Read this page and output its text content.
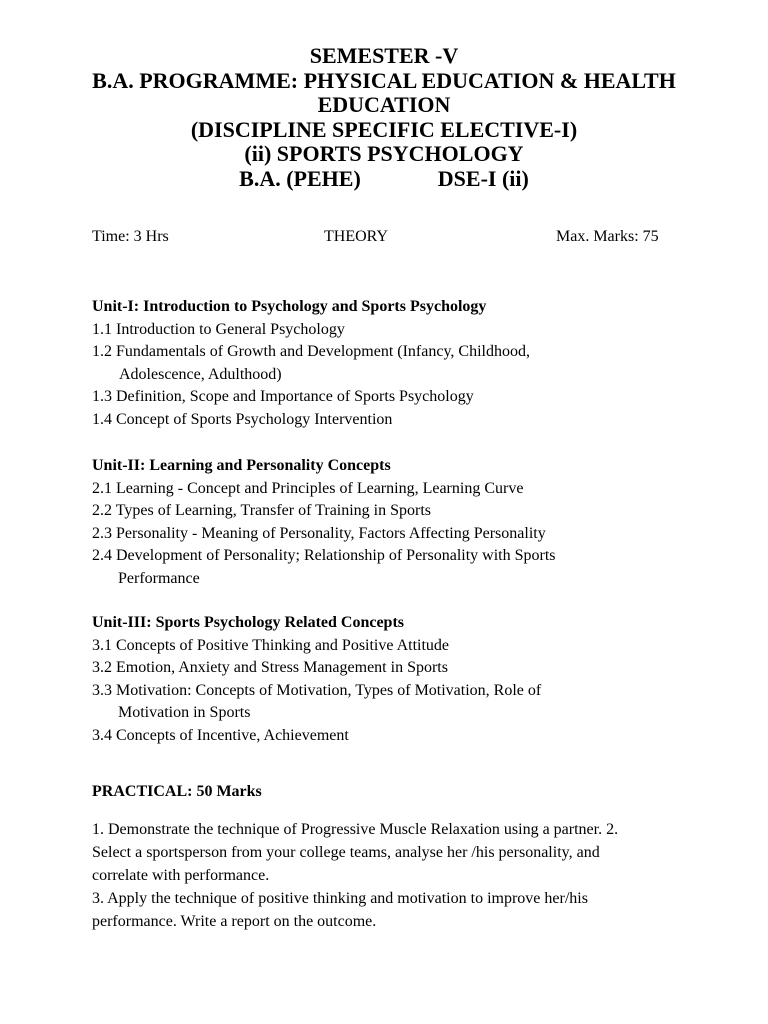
SEMESTER -V
B.A. PROGRAMME: PHYSICAL EDUCATION & HEALTH
EDUCATION
(DISCIPLINE SPECIFIC ELECTIVE-I)
(ii) SPORTS PSYCHOLOGY
B.A. (PEHE)              DSE-I (ii)
Time: 3 Hrs	THEORY	Max. Marks: 75
Unit-I: Introduction to Psychology and Sports Psychology
1.1 Introduction to General Psychology
1.2 Fundamentals of Growth and Development (Infancy, Childhood,
Adolescence, Adulthood)
1.3 Definition, Scope and Importance of Sports Psychology
1.4 Concept of Sports Psychology Intervention
Unit-II: Learning and Personality Concepts
2.1 Learning - Concept and Principles of Learning, Learning Curve
2.2 Types of Learning, Transfer of Training in Sports
2.3 Personality - Meaning of Personality, Factors Affecting Personality
2.4 Development of Personality; Relationship of Personality with Sports
Performance
Unit-III: Sports Psychology Related Concepts
3.1 Concepts of Positive Thinking and Positive Attitude
3.2 Emotion, Anxiety and Stress Management in Sports
3.3 Motivation: Concepts of Motivation, Types of Motivation, Role of
Motivation in Sports
3.4 Concepts of Incentive, Achievement
PRACTICAL: 50 Marks
1. Demonstrate the technique of Progressive Muscle Relaxation using a partner. 2.
Select a sportsperson from your college teams, analyse her /his personality, and
correlate with performance.
3. Apply the technique of positive thinking and motivation to improve her/his
performance. Write a report on the outcome.
